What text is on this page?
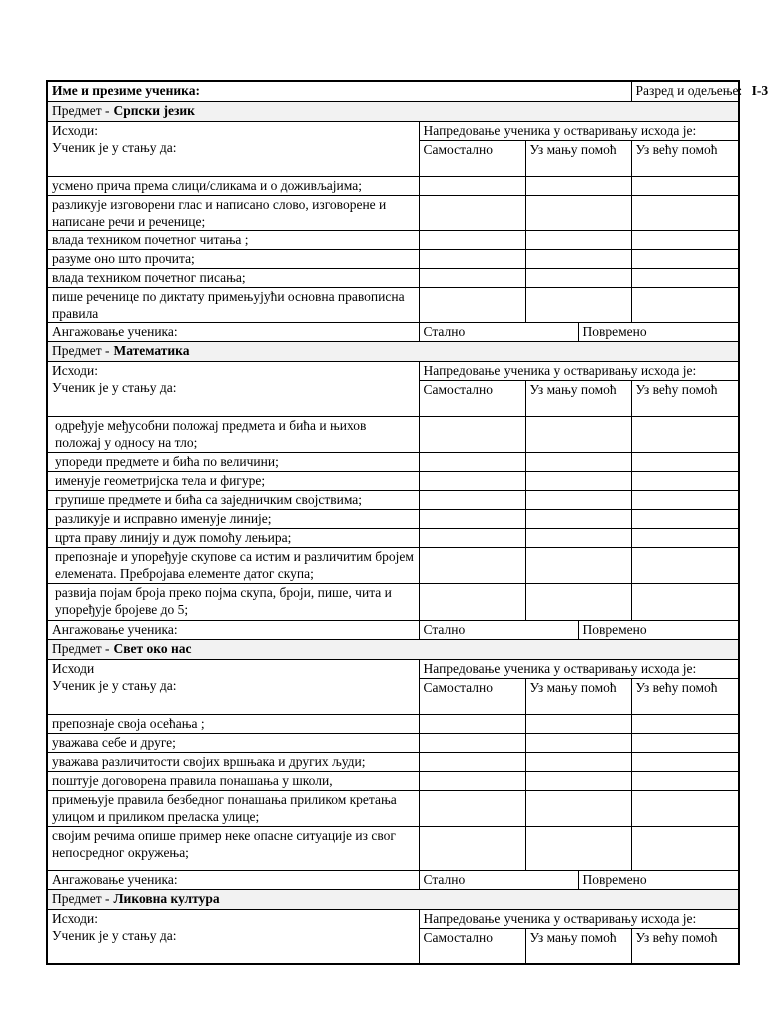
Име и презиме ученика:				Разред и одељење: I-3
Предмет - Српски језик				

Исходи:
Ученик је у стању да:	Напредовање ученика у остваривању исхода је:			
	Самостално	Уз мању помоћ		Уз већу помоћ
усмено прича према слици/сликама и о доживљајима;				
разликује изговорени глас и написано слово, изговорене и написане речи и реченице;				
влада техником почетног читања ;				
разуме оно што прочита;				
влада техником почетног писања;				
пише реченице по диктату примењујући основна правописна правила				
Ангажовање ученика:	Стално		Повремено	
Предмет - Математика				

Исходи:
Ученик је у стању да:	Напредовање ученика у остваривању исхода је:			
	Самостално	Уз мању помоћ		Уз већу помоћ
одређује међусобни положај предмета и бића и њихов положај у односу на тло;				
упореди предмете и бића по величини;				
именује геометријска тела и фигуре;				
групише предмете и бића са заједничким својствима;				
разликује и исправно именује линије;				
црта праву линију и дуж помоћу лењира;				
препознаје и упоређује скупове са истим и различитим бројем елемената. Пребројава елементе датог скупа;				
развија појам броја преко појма скупа, броји, пише, чита и упоређује бројеве до 5;				
Ангажовање ученика:	Стално		Повремено	
Предмет - Свет око нас				

Исходи
Ученик је у стању да:	Напредовање ученика у остваривању исхода је:			
	Самостално	Уз мању помоћ		Уз већу помоћ
препознаје своја осећања ;				
уважава себе и друге;				
уважава различитости својих вршњака и других људи;				
поштује договорена правила понашања у школи,				
примењује правила безбедног понашања приликом кретања улицом и приликом преласка улице;				
својим речима опише пример неке опасне ситуације из свог непосредног окружења;				
Ангажовање ученика:	Стално		Повремено	
Предмет - Ликовна култура				

Исходи:
Ученик је у стању да:	Напредовање ученика у остваривању исхода је:			
	Самостално	Уз мању помоћ		Уз већу помоћ
